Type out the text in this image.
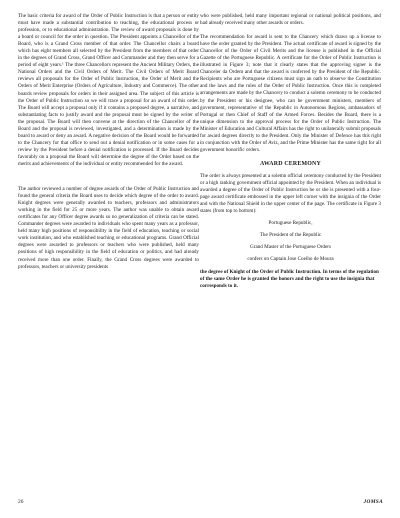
The basic criteria for award of the Order of Public Instruction is that a person or entity must have made a substantial contribution to teaching, the educational process or profession, or to educational administration. The review of award proposals is done by a board or council for the order in question. The President appoints a Chancellor of the Board, who is a Grand Cross member of that order. The Chancellor chairs a board which has eight members all selected by the President from the members of that order in the degrees of Grand Cross, Grand Officer and Commander and they then serve for a period of eight years.¹ The three Chancellors represent the Ancient Military Orders, the National Orders and the Civil Orders of Merit. The Civil Orders of Merit Board reviews all proposals for the Order of Public Instruction, the Order of Merit and the Orders of Merit Enterprise (Orders of Agriculture, Industry and Commerce). The other boards review proposals for orders in their assigned area. The subject of this article is the Order of Public Instruction so we will trace a proposal for an award of this order. The Board will accept a proposal only if it contains a proposed degree, a narrative, and substantiating facts to justify award and the proposal must be signed by the writer of the proposal. The Board will then convene at the direction of the Chancellor of the Board and the proposal is reviewed, investigated, and a determination is made by the board to award or deny an award. A negative decision of the Board would be forwarded to the Chancery for that office to send out a denial notification or in some cases for a review by the President before a denial notification is processed. If the Board decides favorably on a proposal the Board will determine the degree of the Order based on the merits and achievements of the individual or entity recommended for the award.

The author reviewed a number of degree awards of the Order of Public Instruction and found the general criteria the Board uses to decide which degree of the order to award. Knight degrees were generally awarded to teachers, professors and administrators working in the field for 25 or more years. The author was unable to obtain award certificates for any Officer degree awards so no generalization of criteria can be stated. Commander degrees were awarded to individuals who spent many years as a professor, held many high positions of responsibility in the field of education, teaching or social work institution, and who established teaching or educational programs. Grand Official degrees were awarded to professors or teachers who were published, held many positions of high responsibility in the field of education or politics, and had already received more than one order. Finally, the Grand Cross degrees were awarded to professors, teachers or university presidents

who were published, held many important regional or national political positions, and had already received many other awards or orders.

The recommendation for award is sent to the Chancery which draws up a license to have the order granted by the President. The actual certificate of award is signed by the Chancellor of the Order of Civil Merits and the license is published in the Official Gazette of the Portuguese Republic. A certificate for the Order of Public Instruction is illustrated in Figure 3; note that it clearly states that the approving signer is the Chanceler da Ordem and that the award is conferred by the President of the Republic. Recipients who are Portuguese citizens must sign an oath to observe the Constitution and the laws and the rules of the Order of Public Instruction. Once this is completed arrangements are made by the Chancery to conduct a solemn ceremony to be conducted by the President or his designee, who can be government ministers, members of government, representative of the Republic in Autonomous Regions, ambassadors of Portugal or then Chief of Staff of the Armed Forces. Besides the Board, there is a unique dimension to the approval process for the Order of Public Instruction. The Minister of Education and Cultural Affairs has the right to unilaterally submit proposals for award degrees directly to the President. Only the Minister of Defence has this right in conjunction with the Order of Aviz, and the Prime Minister has the same right for all government honorific orders.

AWARD CEREMONY

The order is always presented at a solemn official ceremony conducted by the President or a high ranking government official appointed by the President. When an individual is awarded a degree of the Order of Public Instruction he or she is presented with a four-page award certificate embossed in the upper left corner with the insignia of the Order and with the National Shield in the upper center of the page. The certificate in Figure 3 states (from top to bottom):

Portuguese Republic,

The President of the Republic

Grand Master of the Portuguese Orders

confers on Captain Jose Coelho de Moura

the degree of Knight of the Order of Public Instruction. In terms of the regulation of the same Order he is granted the honors and the right to use the insignia that corresponds to it.

26	JOMSA
